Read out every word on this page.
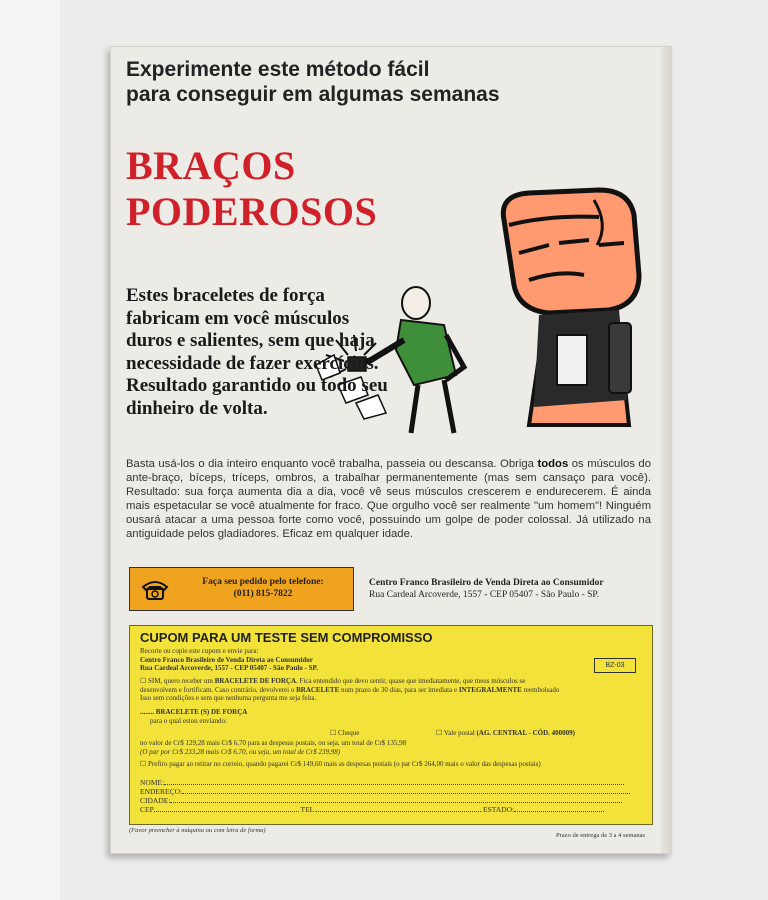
Experimente este método fácil
para conseguir em algumas semanas

BRAÇOS
PODEROSOS

Estes braceletes de força fabricam em você músculos duros e salientes, sem que haja necessidade de fazer exercícios. Resultado garantido ou todo seu dinheiro de volta.

Basta usá-los o dia inteiro enquanto você trabalha, passeia ou descansa. Obriga todos os músculos do ante-braço, bíceps, tríceps, ombros, a trabalhar permanentemente (mas sem cansaço para você). Resultado: sua força aumenta dia a dia, você vê seus músculos crescerem e endurecerem. É ainda mais espetacular se você atualmente for fraco. Que orgulho você ser realmente "um homem"! Ninguém ousará atacar a uma pessoa forte como você, possuindo um golpe de poder colossal. Já utilizado na antiguidade pelos gladiadores. Eficaz em qualquer idade.

Faça seu pedido pelo telefone:
(011) 815-7822
Centro Franco Brasileiro de Venda Direta ao Consumidor
Rua Cardeal Arcoverde, 1557 - CEP 05407 - São Paulo - SP.
CUPOM PARA UM TESTE SEM COMPROMISSO
BZ-03
Recorte ou copie este cupom e envie para:
Centro Franco Brasileiro de Venda Direta ao Consumidor
Rua Cardeal Arcoverde, 1557 - CEP 05407 - São Paulo - SP.
☐ SIM, quero receber um BRACELETE DE FORÇA. Fica entendido que devo sentir, quase que imediatamente, que meus músculos se
desenvolvem e fortificam. Caso contrário, devolverei o BRACELETE num prazo de 30 dias, para ser imediata e INTEGRALMENTE reembolsado
Isso sem condições e sem que nenhuma pergunta me seja feita.
........ BRACELETE (S) DE FORÇA
para o qual estou enviando:
☐ Cheque	☐ Vale postal (AG. CENTRAL - CÓD. 400009)
no valor de Cr$ 129,28 mais Cr$ 6,70 para as despesas postais, ou seja, um total de Cr$ 135,98
(O par por Cr$ 233,28 mais Cr$ 6,70, ou seja, um total de Cr$ 239,98)
☐ Prefiro pagar ao retirar no correio, quando pagarei Cr$ 149,60 mais as despesas postais (o par Cr$ 264,00 mais o valor das despesas postais)
NOME:
ENDEREÇO:
CIDADE:
CEP	TEL.	ESTADO:
(Favor preencher à máquina ou com letra de forma)
Prazo de entrega de 3 a 4 semanas
